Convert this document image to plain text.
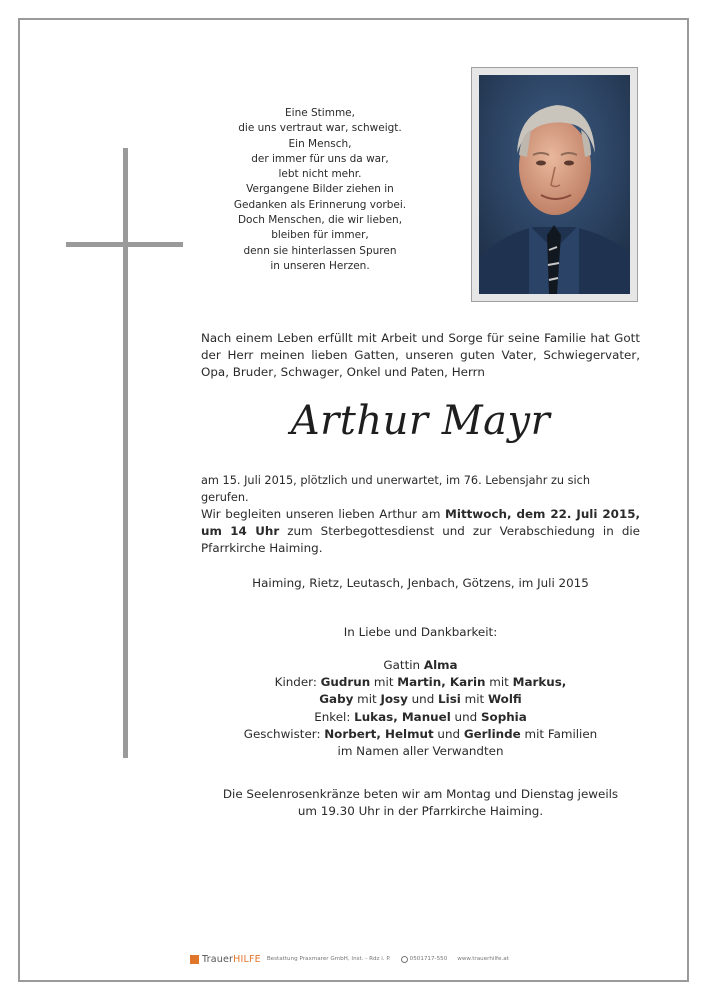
Eine Stimme,
die uns vertraut war, schweigt.
Ein Mensch,
der immer für uns da war,
lebt nicht mehr.
Vergangene Bilder ziehen in
Gedanken als Erinnerung vorbei.
Doch Menschen, die wir lieben,
bleiben für immer,
denn sie hinterlassen Spuren
in unseren Herzen.
Nach einem Leben erfüllt mit Arbeit und Sorge für seine Familie hat Gott
der Herr meinen lieben Gatten, unseren guten Vater, Schwiegervater,
Opa, Bruder, Schwager, Onkel und Paten, Herrn
Arthur Mayr
am 15. Juli 2015, plötzlich und unerwartet, im 76. Lebensjahr zu sich gerufen.
Wir begleiten unseren lieben Arthur am Mittwoch, dem 22. Juli 2015, um 14 Uhr zum Sterbegottesdienst und zur Verabschiedung in die Pfarrkirche Haiming.
Haiming, Rietz, Leutasch, Jenbach, Götzens, im Juli 2015
In Liebe und Dankbarkeit:
Gattin Alma
Kinder: Gudrun mit Martin, Karin mit Markus,
Gaby mit Josy und Lisi mit Wolfi
Enkel: Lukas, Manuel und Sophia
Geschwister: Norbert, Helmut und Gerlinde mit Familien
im Namen aller Verwandten
Die Seelenrosenkränze beten wir am Montag und Dienstag jeweils
um 19.30 Uhr in der Pfarrkirche Haiming.
TrauerHILFE Bestattung Praxmarer GmbH, Inst. - Rdz i. P.	0501717-550 www.trauerhilfe.at
